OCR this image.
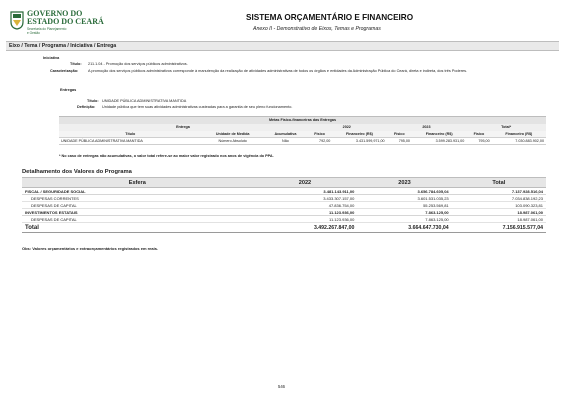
GOVERNO DO
ESTADO DO CEARÁ
Secretaria do Planejamento
e Gestão
SISTEMA ORÇAMENTÁRIO E FINANCEIRO
Anexo II - Demonstrativo de Eixos, Temas e Programas
Eixo / Tema / Programa / Iniciativa / Entrega
Iniciativa
Título: 211.1.04 - Promoção dos serviços públicos administrativos.
Caracterização:	A promoção dos serviços públicos administrativos corresponde à manutenção da realização de atividades administrativas de todos os órgãos e entidades da Administração Pública do Ceará, direta e indireta, dos três Poderes.
Entregas
Título: UNIDADE PÚBLICA ADMINISTRATIVA MANTIDA
Definição: Unidade pública que tem suas atividades administrativas custeadas para a garantia de seu pleno funcionamento.
Metas Físico-financeiras das Entregas								
Entrega			2022		2023		Total*	
Título	Unidade de Medida	Acumulativa	Físico	Financeiro (R$)	Físico	Financeiro (R$)	Físico	Financeiro (R$)
UNIDADE PÚBLICA ADMINISTRATIVA MANTIDA	Número Absoluto	Não	792,00	3.431.599,971,00	795,00	3.599.283.931,00	795,00	7.030.883.902,00
* No caso de entregas não acumulativas, o valor total refere-se ao maior valor registrado nos anos de vigência do PPA.
Detalhamento dos Valores do Programa
Esfera	2022	2023	Total
FISCAL / SEGURIDADE SOCIAL	3.481.143.911,00	3.656.784.605,04	7.137.928.516,04
DESPESAS CORRENTES	3.433.307.157,00	3.601.531.035,23	7.034.838.192,23
DESPESAS DE CAPITAL	47.836.754,00	55.253.569,81	103.090.323,81
INVESTIMENTOS ESTATAIS	11.123.936,00	7.863.125,00	18.987.061,00
DESPESAS DE CAPITAL	11.123.936,00	7.863.125,00	18.987.061,00
Total	3.492.267.847,00	3.664.647.730,04	7.156.915.577,04
Obs: Valores orçamentários e extraorçamentários registrados em reais.
546
